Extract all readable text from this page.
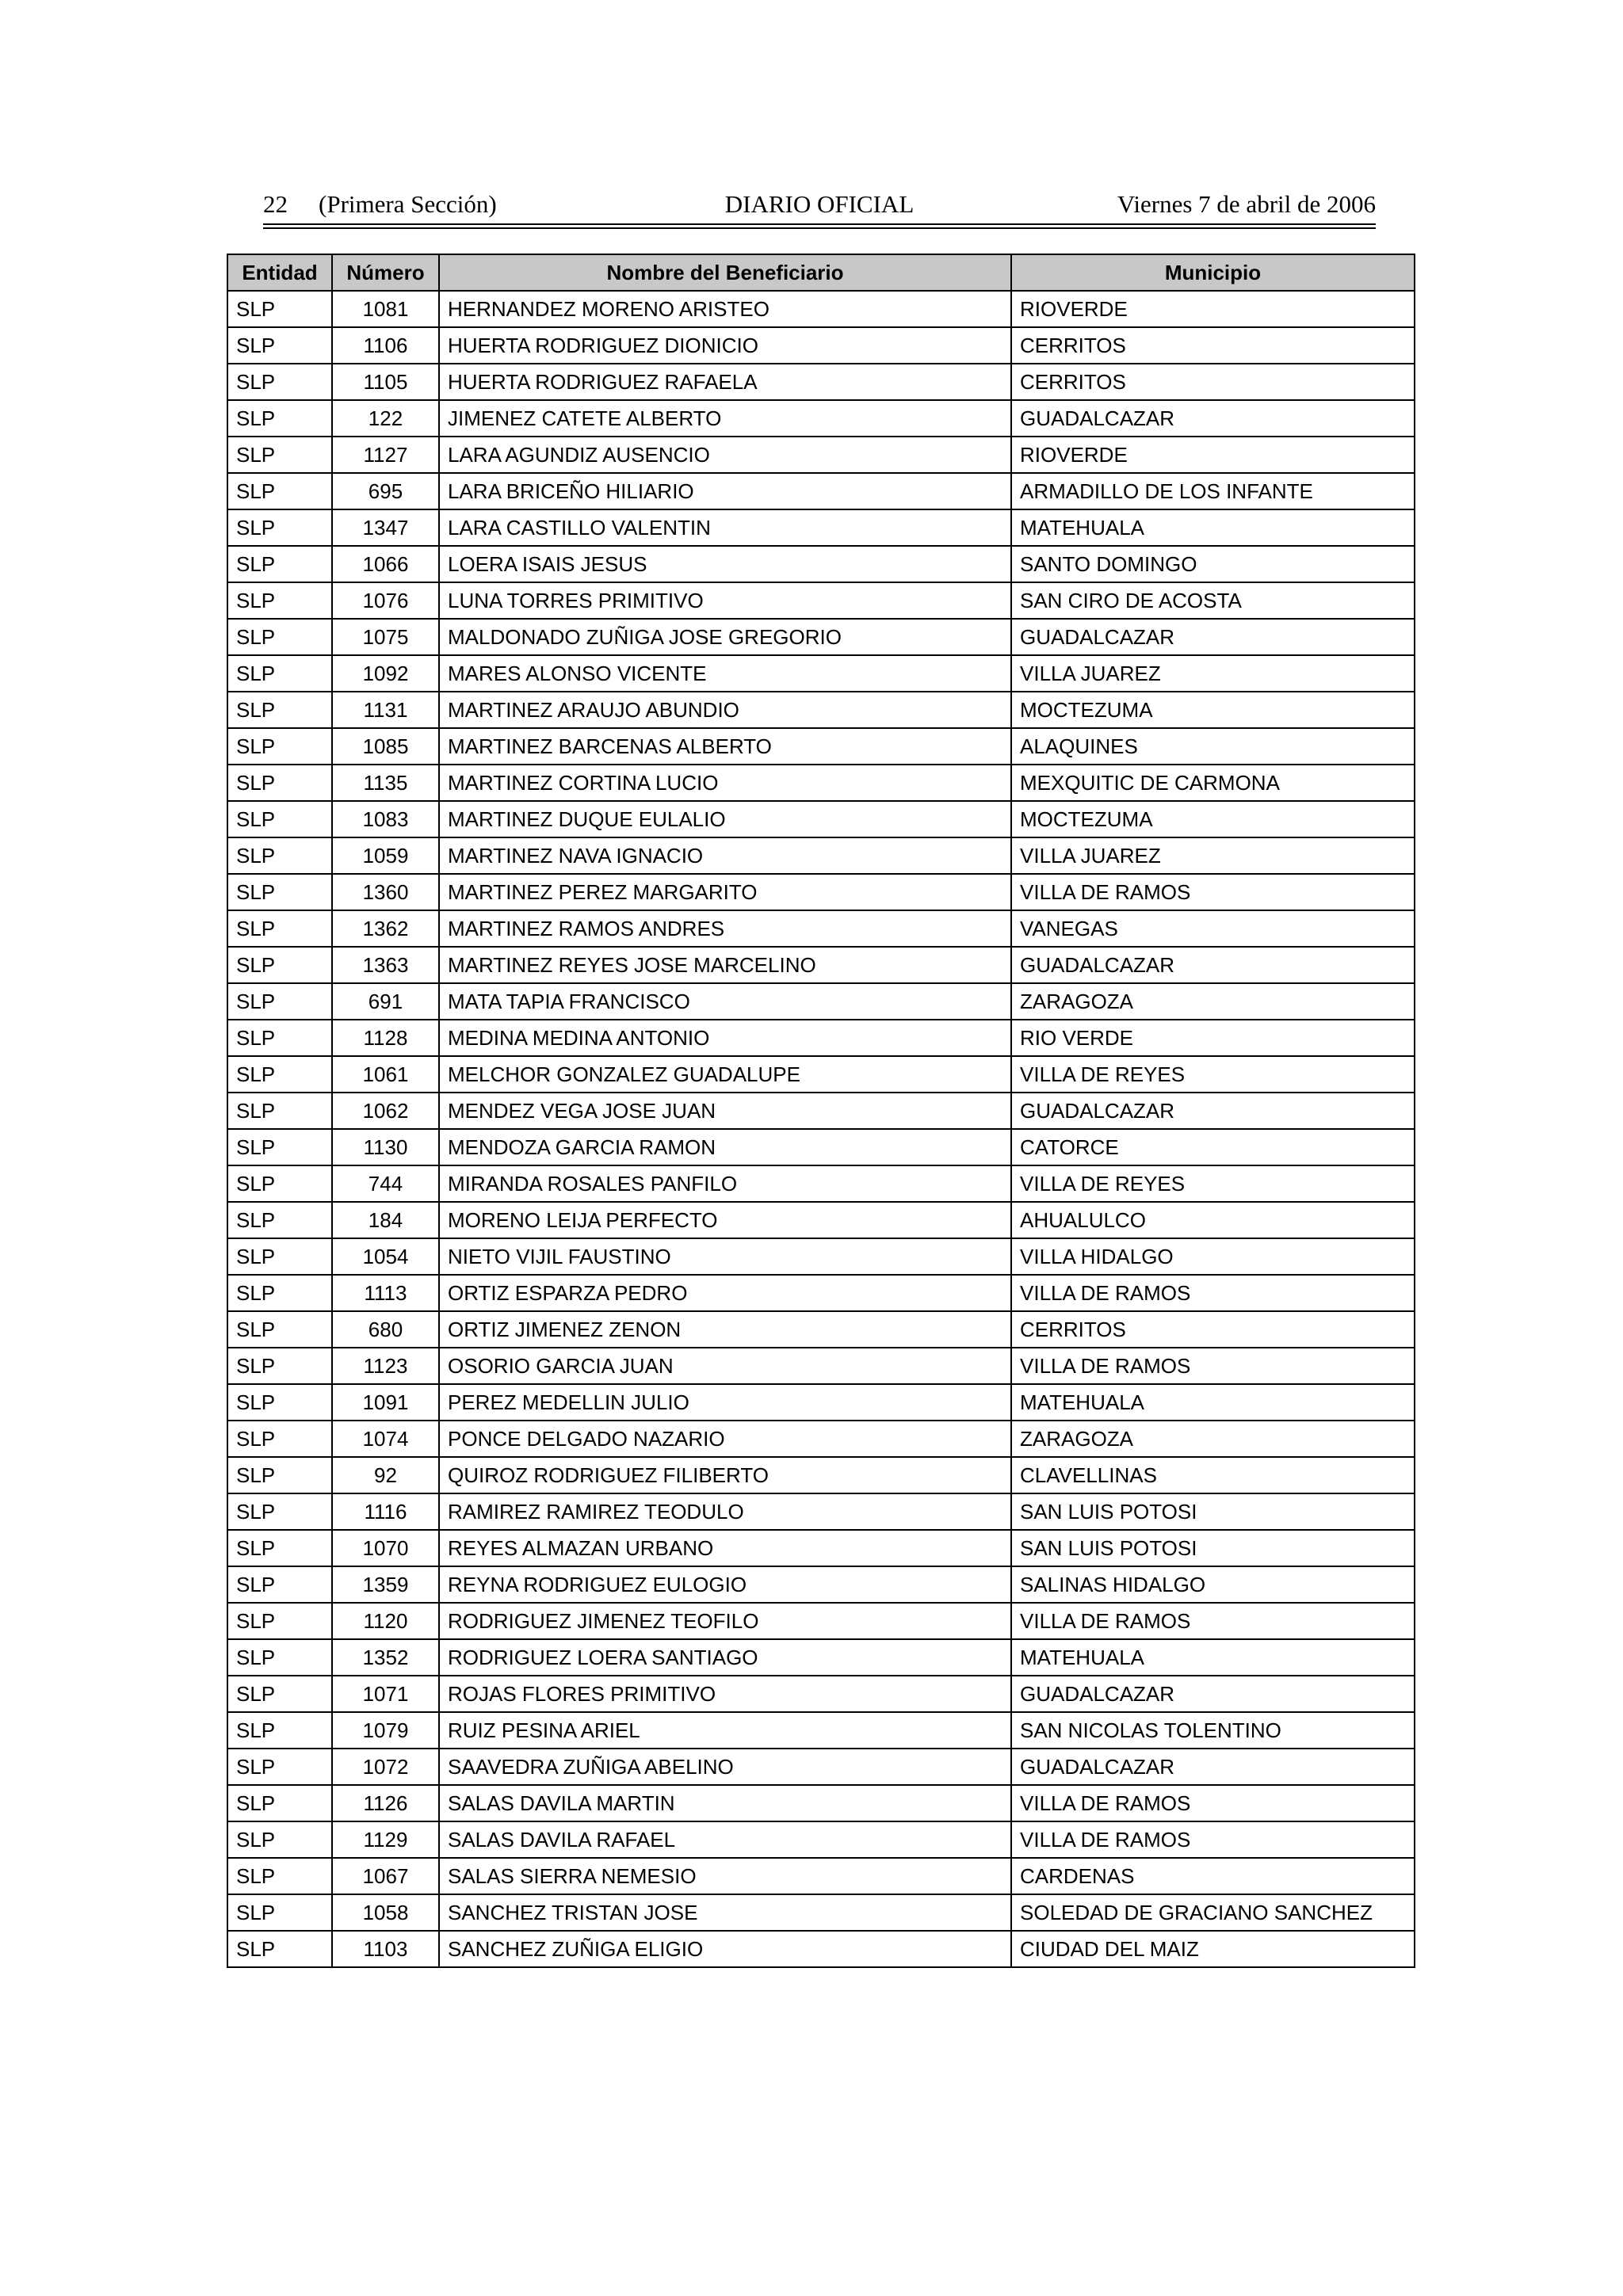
22 (Primera Sección)	DIARIO OFICIAL	Viernes 7 de abril de 2006
Entidad	Número	Nombre del Beneficiario	Municipio
SLP	1081	HERNANDEZ MORENO ARISTEO	RIOVERDE
SLP	1106	HUERTA RODRIGUEZ DIONICIO	CERRITOS
SLP	1105	HUERTA RODRIGUEZ RAFAELA	CERRITOS
SLP	122	JIMENEZ CATETE ALBERTO	GUADALCAZAR
SLP	1127	LARA AGUNDIZ AUSENCIO	RIOVERDE
SLP	695	LARA BRICEÑO HILIARIO	ARMADILLO DE LOS INFANTE
SLP	1347	LARA CASTILLO VALENTIN	MATEHUALA
SLP	1066	LOERA ISAIS JESUS	SANTO DOMINGO
SLP	1076	LUNA TORRES PRIMITIVO	SAN CIRO DE ACOSTA
SLP	1075	MALDONADO ZUÑIGA JOSE GREGORIO	GUADALCAZAR
SLP	1092	MARES ALONSO VICENTE	VILLA JUAREZ
SLP	1131	MARTINEZ ARAUJO ABUNDIO	MOCTEZUMA
SLP	1085	MARTINEZ BARCENAS ALBERTO	ALAQUINES
SLP	1135	MARTINEZ CORTINA LUCIO	MEXQUITIC DE CARMONA
SLP	1083	MARTINEZ DUQUE EULALIO	MOCTEZUMA
SLP	1059	MARTINEZ NAVA IGNACIO	VILLA JUAREZ
SLP	1360	MARTINEZ PEREZ MARGARITO	VILLA DE RAMOS
SLP	1362	MARTINEZ RAMOS ANDRES	VANEGAS
SLP	1363	MARTINEZ REYES JOSE MARCELINO	GUADALCAZAR
SLP	691	MATA TAPIA FRANCISCO	ZARAGOZA
SLP	1128	MEDINA MEDINA ANTONIO	RIO VERDE
SLP	1061	MELCHOR GONZALEZ GUADALUPE	VILLA DE REYES
SLP	1062	MENDEZ VEGA JOSE JUAN	GUADALCAZAR
SLP	1130	MENDOZA GARCIA RAMON	CATORCE
SLP	744	MIRANDA ROSALES PANFILO	VILLA DE REYES
SLP	184	MORENO LEIJA PERFECTO	AHUALULCO
SLP	1054	NIETO VIJIL FAUSTINO	VILLA HIDALGO
SLP	1113	ORTIZ ESPARZA PEDRO	VILLA DE RAMOS
SLP	680	ORTIZ JIMENEZ ZENON	CERRITOS
SLP	1123	OSORIO GARCIA JUAN	VILLA DE RAMOS
SLP	1091	PEREZ MEDELLIN JULIO	MATEHUALA
SLP	1074	PONCE DELGADO NAZARIO	ZARAGOZA
SLP	92	QUIROZ RODRIGUEZ FILIBERTO	CLAVELLINAS
SLP	1116	RAMIREZ RAMIREZ TEODULO	SAN LUIS POTOSI
SLP	1070	REYES ALMAZAN URBANO	SAN LUIS POTOSI
SLP	1359	REYNA RODRIGUEZ EULOGIO	SALINAS HIDALGO
SLP	1120	RODRIGUEZ JIMENEZ TEOFILO	VILLA DE RAMOS
SLP	1352	RODRIGUEZ LOERA SANTIAGO	MATEHUALA
SLP	1071	ROJAS FLORES PRIMITIVO	GUADALCAZAR
SLP	1079	RUIZ PESINA ARIEL	SAN NICOLAS TOLENTINO
SLP	1072	SAAVEDRA ZUÑIGA ABELINO	GUADALCAZAR
SLP	1126	SALAS DAVILA MARTIN	VILLA DE RAMOS
SLP	1129	SALAS DAVILA RAFAEL	VILLA DE RAMOS
SLP	1067	SALAS SIERRA NEMESIO	CARDENAS
SLP	1058	SANCHEZ TRISTAN JOSE	SOLEDAD DE GRACIANO SANCHEZ
SLP	1103	SANCHEZ ZUÑIGA ELIGIO	CIUDAD DEL MAIZ
